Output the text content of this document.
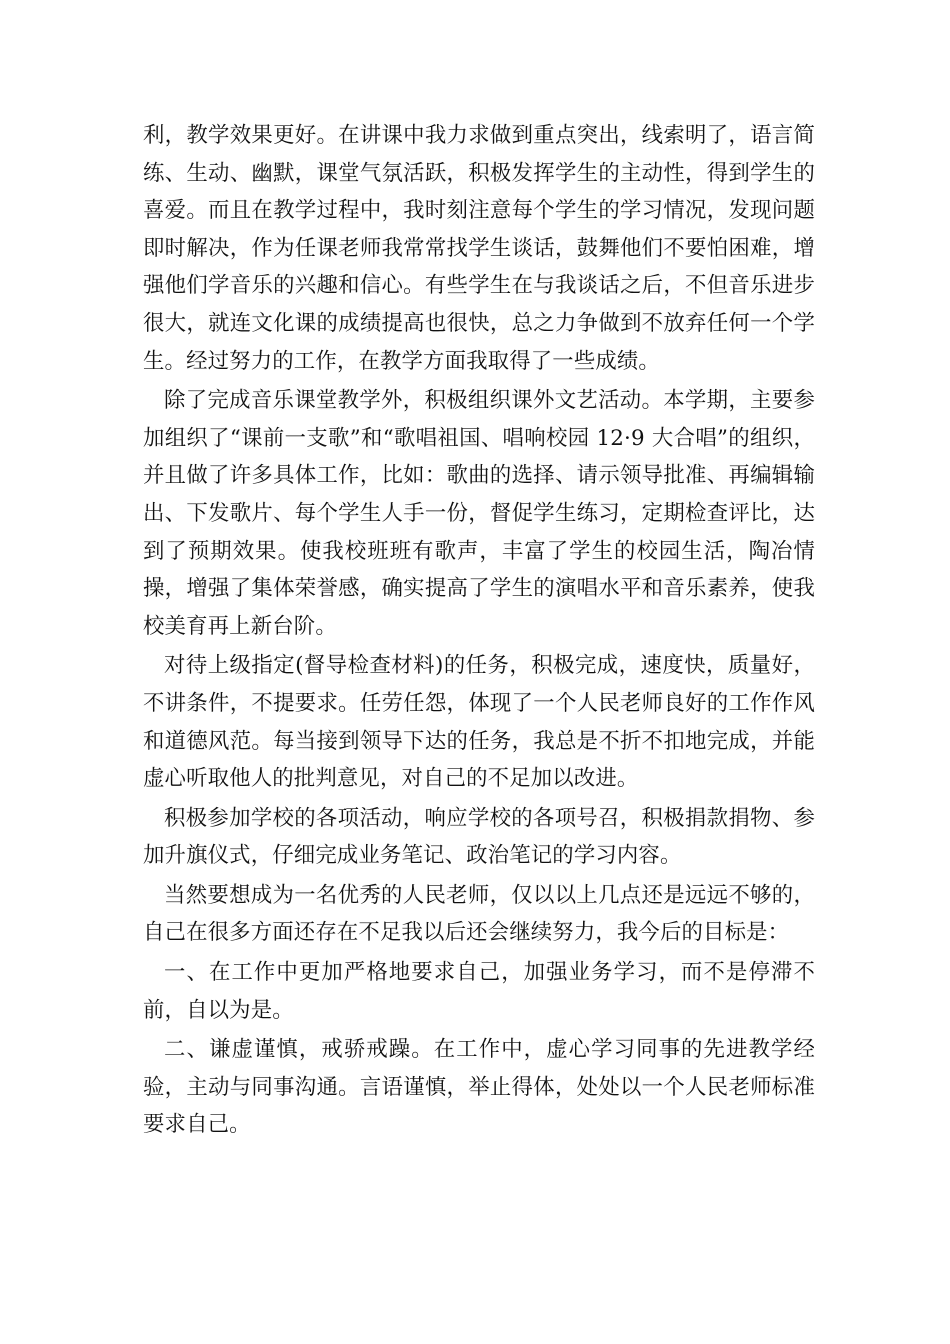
利，教学效果更好。在讲课中我力求做到重点突出，线索明了，语言简练、生动、幽默，课堂气氛活跃，积极发挥学生的主动性，得到学生的喜爱。而且在教学过程中，我时刻注意每个学生的学习情况，发现问题即时解决，作为任课老师我常常找学生谈话，鼓舞他们不要怕困难，增强他们学音乐的兴趣和信心。有些学生在与我谈话之后，不但音乐进步很大，就连文化课的成绩提高也很快，总之力争做到不放弃任何一个学生。经过努力的工作，在教学方面我取得了一些成绩。

除了完成音乐课堂教学外，积极组织课外文艺活动。本学期，主要参加组织了“课前一支歌”和“歌唱祖国、唱响校园 12·9 大合唱”的组织，并且做了许多具体工作，比如：歌曲的选择、请示领导批准、再编辑输出、下发歌片、每个学生人手一份，督促学生练习，定期检查评比，达到了预期效果。使我校班班有歌声，丰富了学生的校园生活，陶冶情操，增强了集体荣誉感，确实提高了学生的演唱水平和音乐素养，使我校美育再上新台阶。

对待上级指定(督导检查材料)的任务，积极完成，速度快，质量好，不讲条件，不提要求。任劳任怨，体现了一个人民老师良好的工作作风和道德风范。每当接到领导下达的任务，我总是不折不扣地完成，并能虚心听取他人的批判意见，对自己的不足加以改进。

积极参加学校的各项活动，响应学校的各项号召，积极捐款捐物、参加升旗仪式，仔细完成业务笔记、政治笔记的学习内容。

当然要想成为一名优秀的人民老师，仅以以上几点还是远远不够的，自己在很多方面还存在不足我以后还会继续努力，我今后的目标是：

一、在工作中更加严格地要求自己，加强业务学习，而不是停滞不前，自以为是。

二、谦虚谨慎，戒骄戒躁。在工作中，虚心学习同事的先进教学经验，主动与同事沟通。言语谨慎，举止得体，处处以一个人民老师标准要求自己。
